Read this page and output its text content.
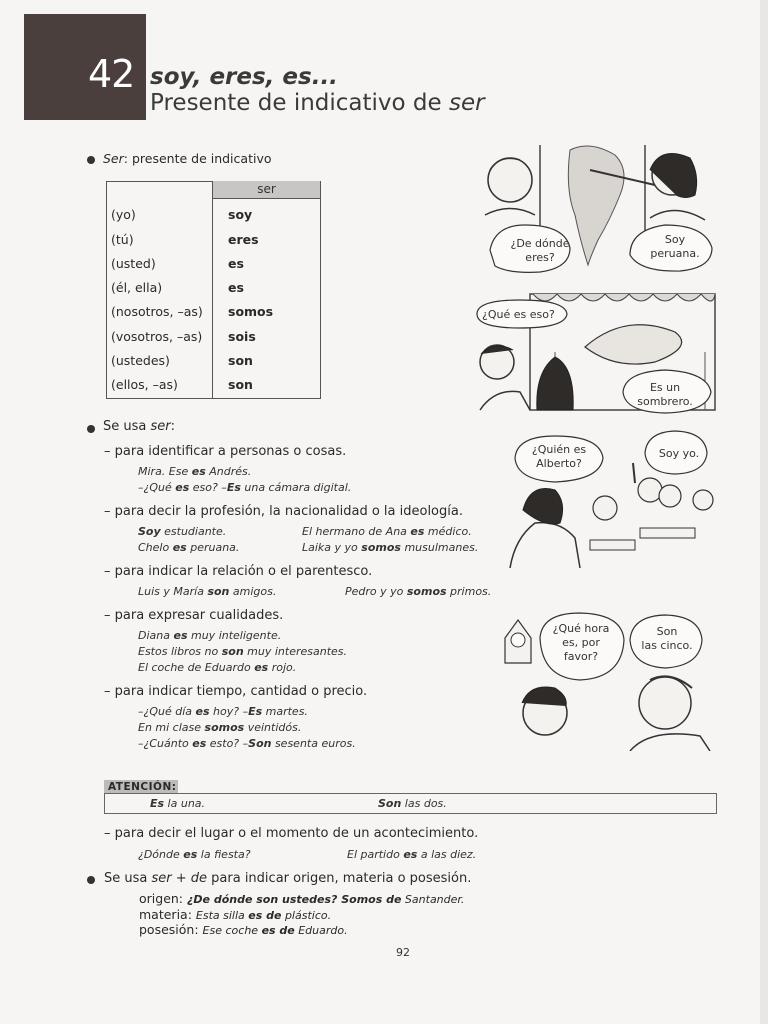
42 soy, eres, es...
Presente de indicativo de ser
Ser: presente de indicativo
ser
(yo)	soy
(tú)	eres
(usted)	es
(él, ella)	es
(nosotros, –as) somos
(vosotros, –as) sois
(ustedes)	son
(ellos, –as)	son
Se usa ser:
– para identificar a personas o cosas.
Mira. Ese es Andrés.
–¿Qué es eso? –Es una cámara digital.
– para decir la profesión, la nacionalidad o la ideología.
Soy estudiante.
Chelo es peruana.
El hermano de Ana es médico.
Laika y yo somos musulmanes.
– para indicar la relación o el parentesco.
Luis y María son amigos.	Pedro y yo somos primos.
– para expresar cualidades.
Diana es muy inteligente.
Estos libros no son muy interesantes.
El coche de Eduardo es rojo.
– para indicar tiempo, cantidad o precio.
–¿Qué día es hoy? –Es martes.
En mi clase somos veintidós.
–¿Cuánto es esto? –Son sesenta euros.
ATENCIÓN:
Es la una.	Son las dos.
– para decir el lugar o el momento de un acontecimiento.
¿Dónde es la fiesta?	El partido es a las diez.
Se usa ser + de para indicar origen, materia o posesión.
origen: ¿De dónde son ustedes? Somos de Santander.
materia: Esta silla es de plástico.
posesión: Ese coche es de Eduardo.
92
¿De dónde
eres?
Soy
peruana.
¿Qué es eso?
Es un
sombrero.
¿Quién es
Alberto?
Soy yo.
¿Qué hora
es, por
favor?
Son
las cinco.
